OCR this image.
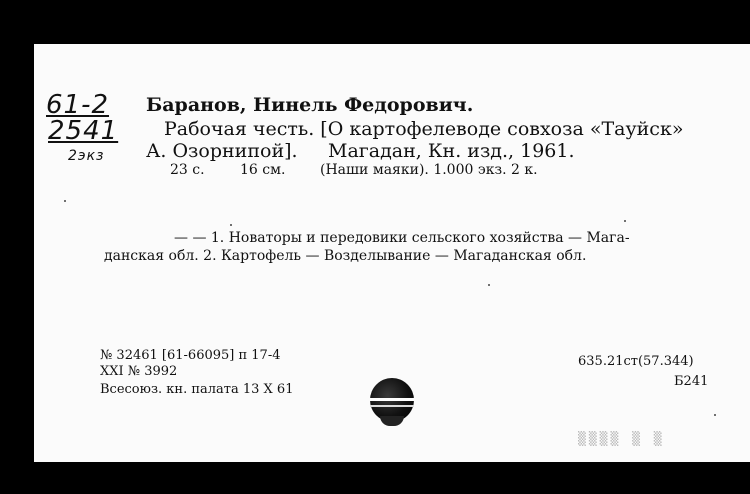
61-2
2541
2экз
Баранов, Нинель Федорович.
Рабочая честь. [О картофелеводе совхоза «Тауйск»
А. Озорнипой]. Магадан, Кн. изд., 1961.
23 с.	16 см. (Наши маяки). 1.000 экз. 2 к.
— — 1. Новаторы и передовики сельского хозяйства — Мага-
данская обл. 2. Картофель — Возделывание — Магаданская обл.
№ 32461 [61-66095] п 17-4
XXI № 3992
Всесоюз. кн. палата 13 X 61
635.21ст(57.344)
Б241
▒▒▒▒ ▒ ▒
